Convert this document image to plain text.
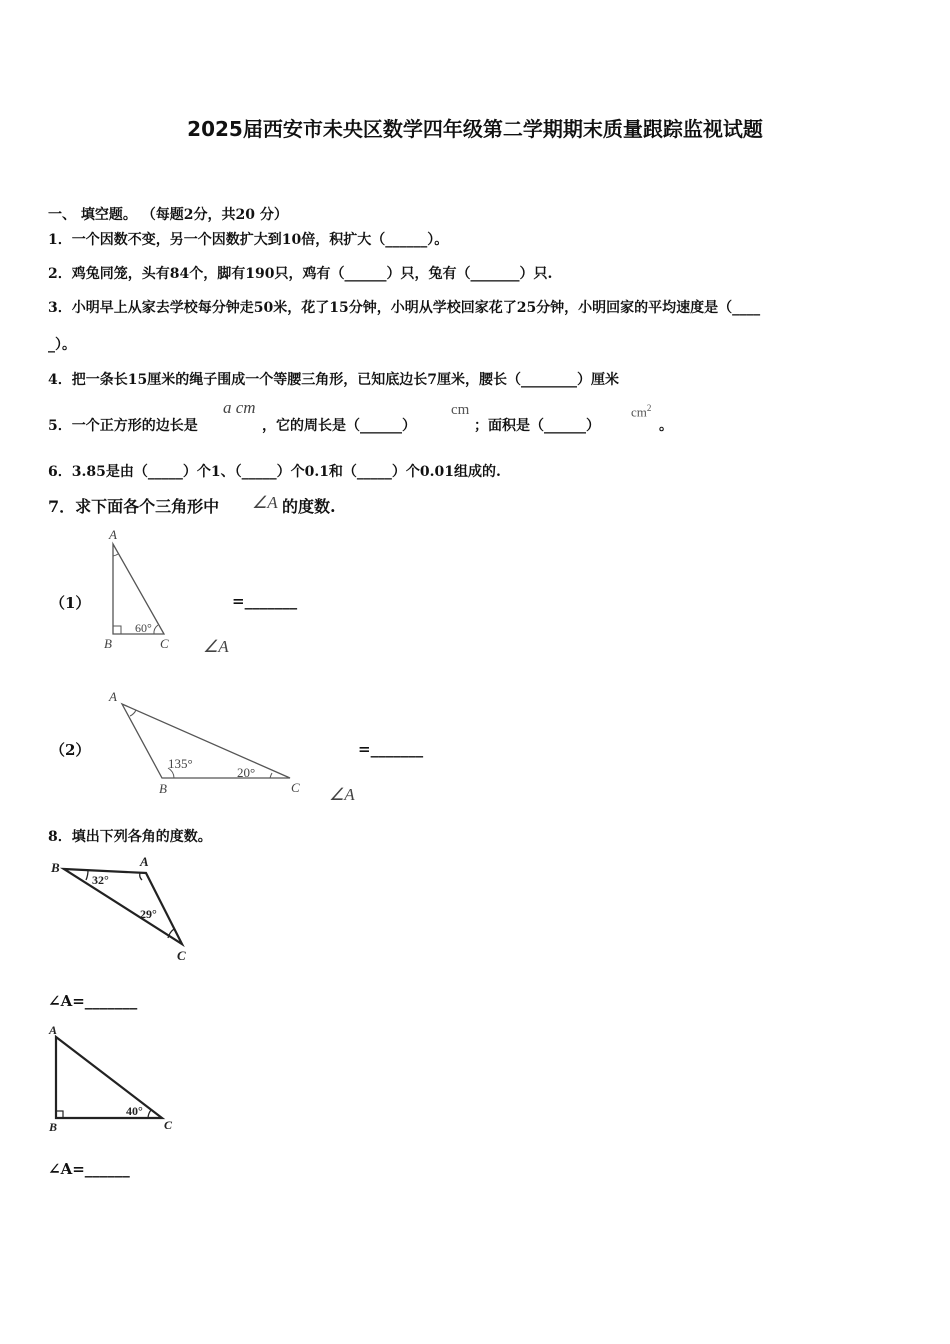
2025届西安市未央区数学四年级第二学期期末质量跟踪监视试题
一、 填空题。 （每题2分，共20 分）
1．一个因数不变，另一个因数扩大到10倍，积扩大（______）。
2．鸡兔同笼，头有84个，脚有190只，鸡有（______）只，兔有（_______）只.
3．小明早上从家去学校每分钟走50米，花了15分钟，小明从学校回家花了25分钟，小明回家的平均速度是（____
_）。
4．把一条长15厘米的绳子围成一个等腰三角形，已知底边长7厘米，腰长（________）厘米
5．一个正方形的边长是
a cm
，它的周长是（______）
cm
；面积是（______）
$cm^2$
。
6．3.85是由（_____）个1、（_____）个0.1和（_____）个0.01组成的.
7．求下面各个三角形中 ∠A 的度数.
（1）
A
B	C
60°
=_______
∠A
（2）
A
B	C
135°
20°
=_______
∠A
8．填出下列各角的度数。
B	A
C
32°
29°
∠A=_______
A
B	C
40°
∠A=______
